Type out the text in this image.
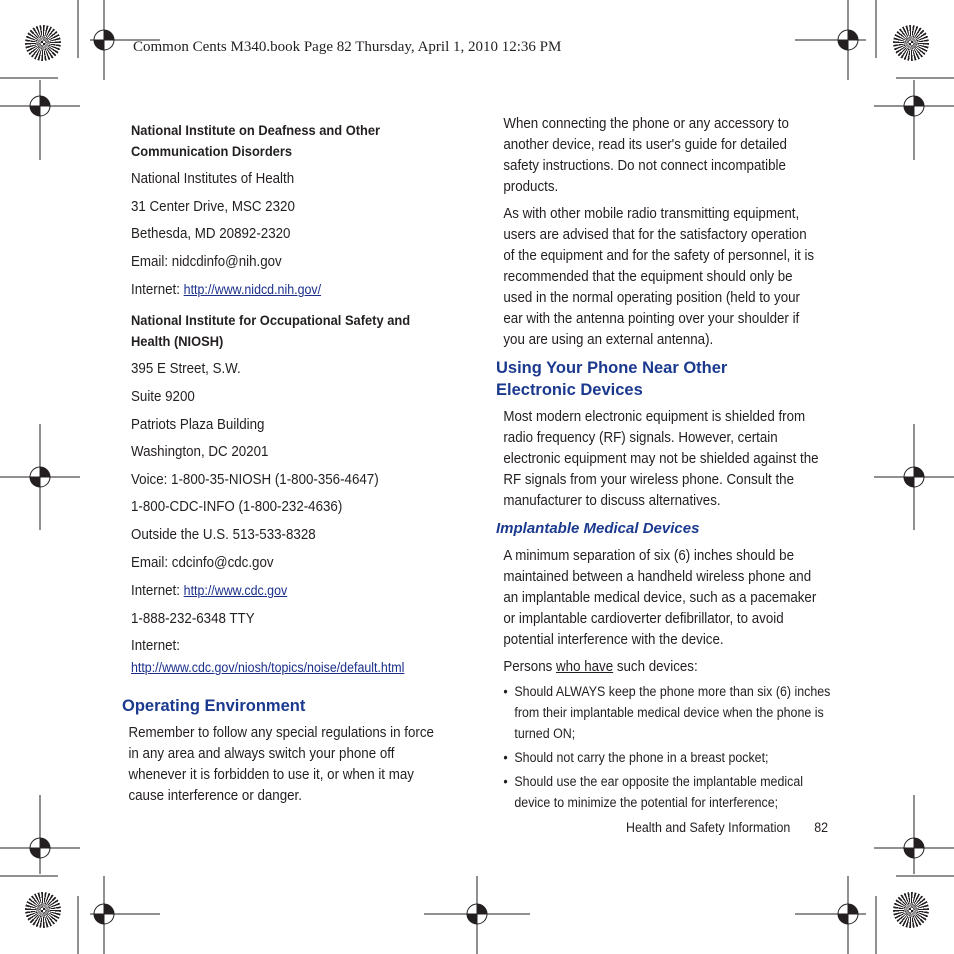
Common Cents M340.book Page 82 Thursday, April 1, 2010 12:36 PM
National Institute on Deafness and Other
Communication Disorders
National Institutes of Health
31 Center Drive, MSC 2320
Bethesda, MD 20892-2320
Email: nidcdinfo@nih.gov
Internet: http://www.nidcd.nih.gov/
National Institute for Occupational Safety and
Health (NIOSH)
395 E Street, S.W.
Suite 9200
Patriots Plaza Building
Washington, DC 20201
Voice: 1-800-35-NIOSH (1-800-356-4647)
1-800-CDC-INFO (1-800-232-4636)
Outside the U.S. 513-533-8328
Email: cdcinfo@cdc.gov
Internet: http://www.cdc.gov
1-888-232-6348 TTY
Internet:
http://www.cdc.gov/niosh/topics/noise/default.html
Operating Environment
Remember to follow any special regulations in force
in any area and always switch your phone off
whenever it is forbidden to use it, or when it may
cause interference or danger.
When connecting the phone or any accessory to
another device, read its user's guide for detailed
safety instructions. Do not connect incompatible
products.
As with other mobile radio transmitting equipment,
users are advised that for the satisfactory operation
of the equipment and for the safety of personnel, it is
recommended that the equipment should only be
used in the normal operating position (held to your
ear with the antenna pointing over your shoulder if
you are using an external antenna).
Using Your Phone Near Other
Electronic Devices
Most modern electronic equipment is shielded from
radio frequency (RF) signals. However, certain
electronic equipment may not be shielded against the
RF signals from your wireless phone. Consult the
manufacturer to discuss alternatives.
Implantable Medical Devices
A minimum separation of six (6) inches should be
maintained between a handheld wireless phone and
an implantable medical device, such as a pacemaker
or implantable cardioverter defibrillator, to avoid
potential interference with the device.
Persons who have such devices:
• Should ALWAYS keep the phone more than six (6) inches
from their implantable medical device when the phone is
turned ON;
• Should not carry the phone in a breast pocket;
• Should use the ear opposite the implantable medical
device to minimize the potential for interference;
Health and Safety Information 82
